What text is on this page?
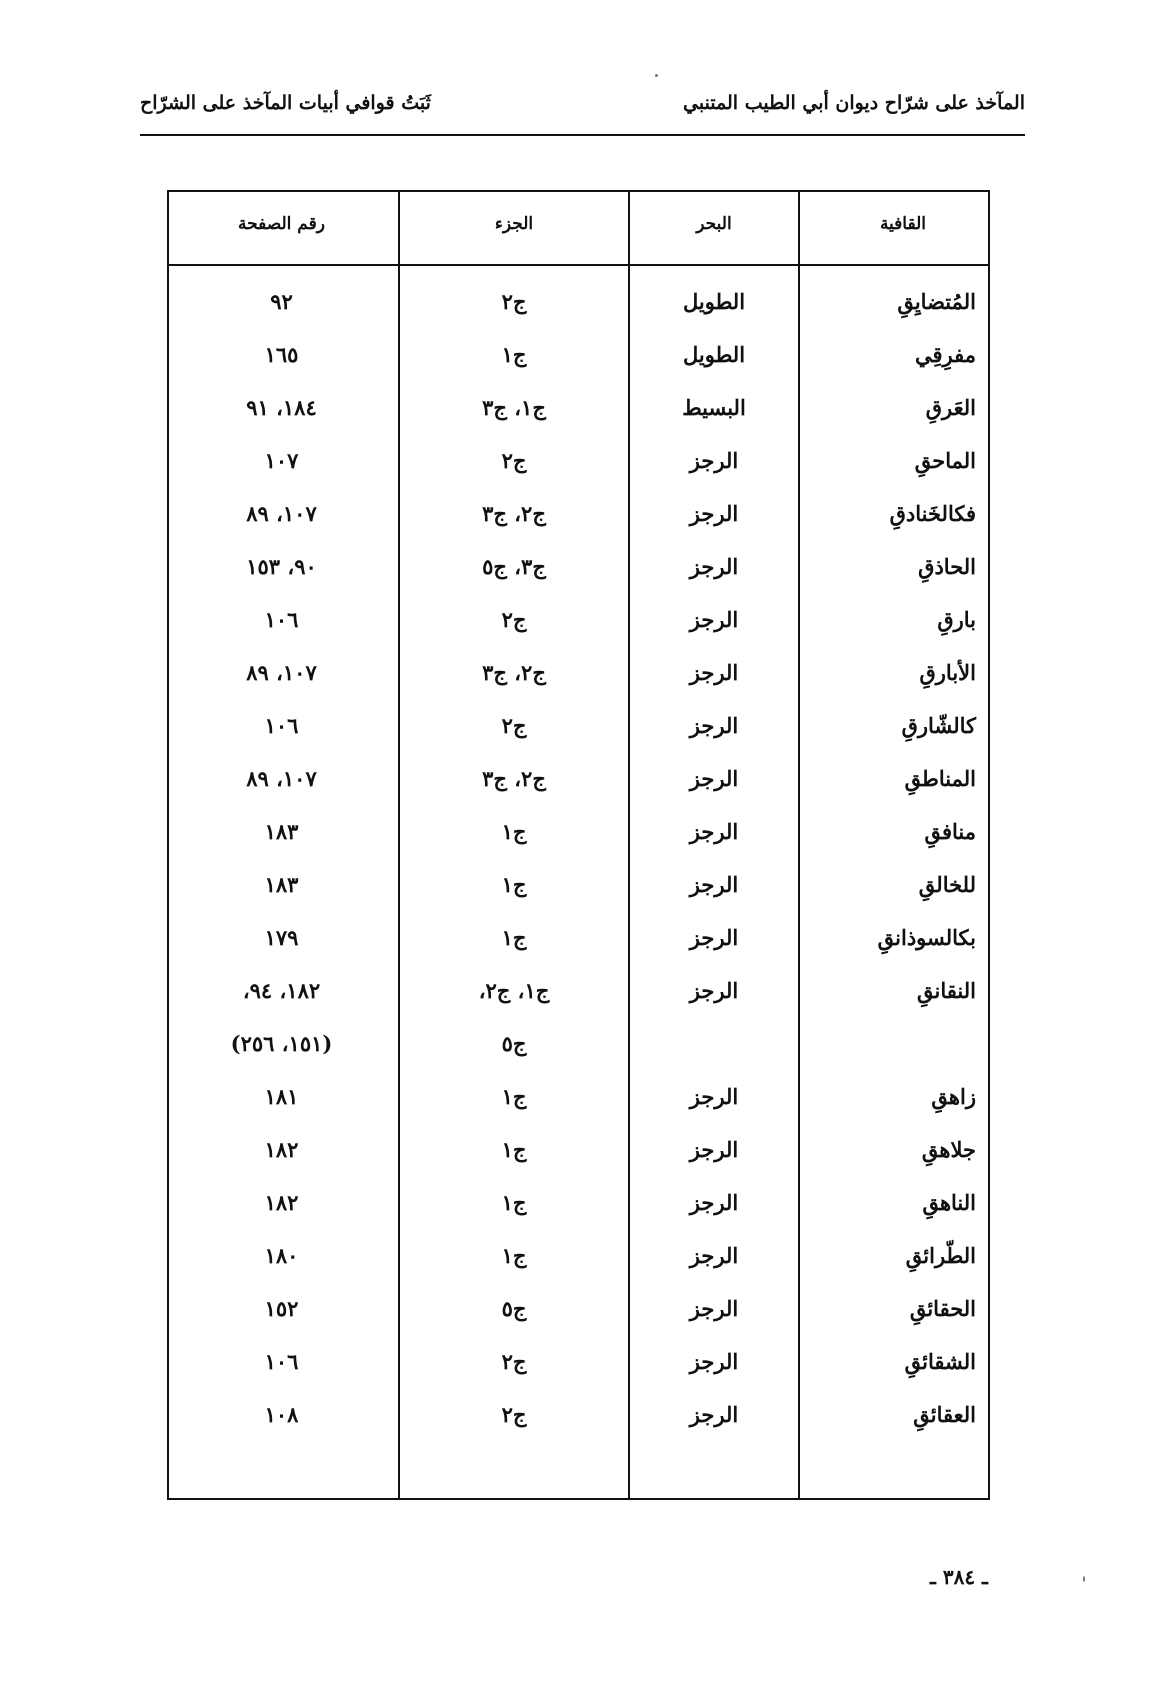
المآخذ على شرّاح ديوان أبي الطيب المتنبي
ثَبَتُ قوافي أبيات المآخذ على الشرّاح
القافية
البحر
الجزء
رقم الصفحة
المُتضايِقِ
الطويل
ج٢
٩٢
مفرِقِي
الطويل
ج١
١٦٥
العَرقِ
البسيط
ج١، ج٣
١٨٤، ٩١
الماحقِ
الرجز
ج٢
١٠٧
فكالخَنادقِ
الرجز
ج٢، ج٣
١٠٧، ٨٩
الحاذقِ
الرجز
ج٣، ج٥
٩٠، ١٥٣
بارقِ
الرجز
ج٢
١٠٦
الأبارقِ
الرجز
ج٢، ج٣
١٠٧، ٨٩
كالشّارقِ
الرجز
ج٢
١٠٦
المناطقِ
الرجز
ج٢، ج٣
١٠٧، ٨٩
منافقِ
الرجز
ج١
١٨٣
للخالقِ
الرجز
ج١
١٨٣
بكالسوذانقِ
الرجز
ج١
١٧٩
النقانقِ
الرجز
ج١، ج٢،
١٨٢، ٩٤،
ج٥
(١٥١، ٢٥٦)
زاهقِ
الرجز
ج١
١٨١
جلاهقِ
الرجز
ج١
١٨٢
الناهقِ
الرجز
ج١
١٨٢
الطّرائقِ
الرجز
ج١
١٨٠
الحقائقِ
الرجز
ج٥
١٥٢
الشقائقِ
الرجز
ج٢
١٠٦
العقائقِ
الرجز
ج٢
١٠٨
ـ ٣٨٤ ـ
